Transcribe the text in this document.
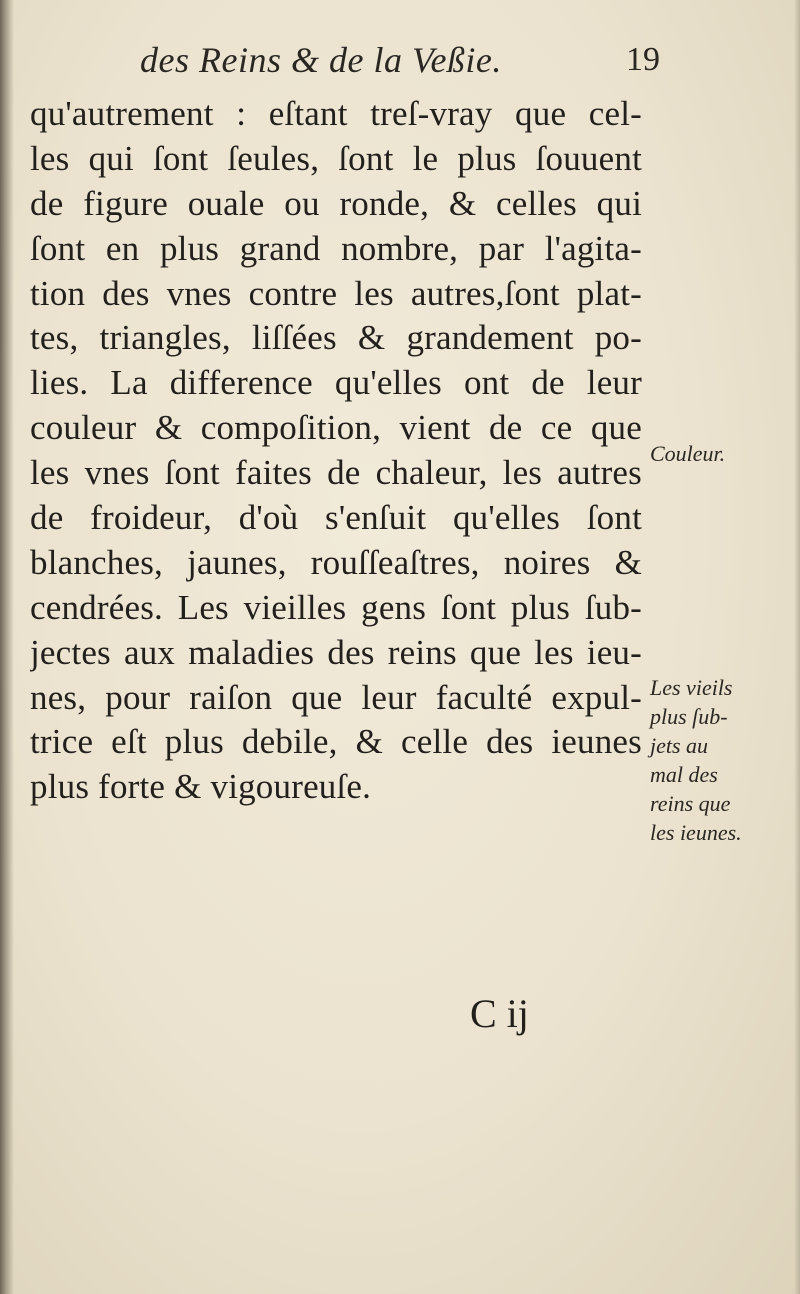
des Reins & de la Veßie.	19
qu'autrement : eſtant treſ-vray que cel-
les qui ſont ſeules, ſont le plus ſouuent
de figure ouale ou ronde, & celles qui
ſont en plus grand nombre, par l'agita-
tion des vnes contre les autres,ſont plat-
tes, triangles, liſſées & grandement po-
lies. La difference qu'elles ont de leur
couleur & compoſition, vient de ce que
les vnes ſont faites de chaleur, les autres
de froideur, d'où s'enſuit qu'elles ſont
blanches, jaunes, rouſſeaſtres, noires &
cendrées. Les vieilles gens ſont plus ſub-
jectes aux maladies des reins que les ieu-
nes, pour raiſon que leur faculté expul-
trice eſt plus debile, & celle des ieunes
plus forte & vigoureuſe.
Couleur.
Les vieils
plus ſub-
jets au
mal des
reins que
les ieunes.
C ij
